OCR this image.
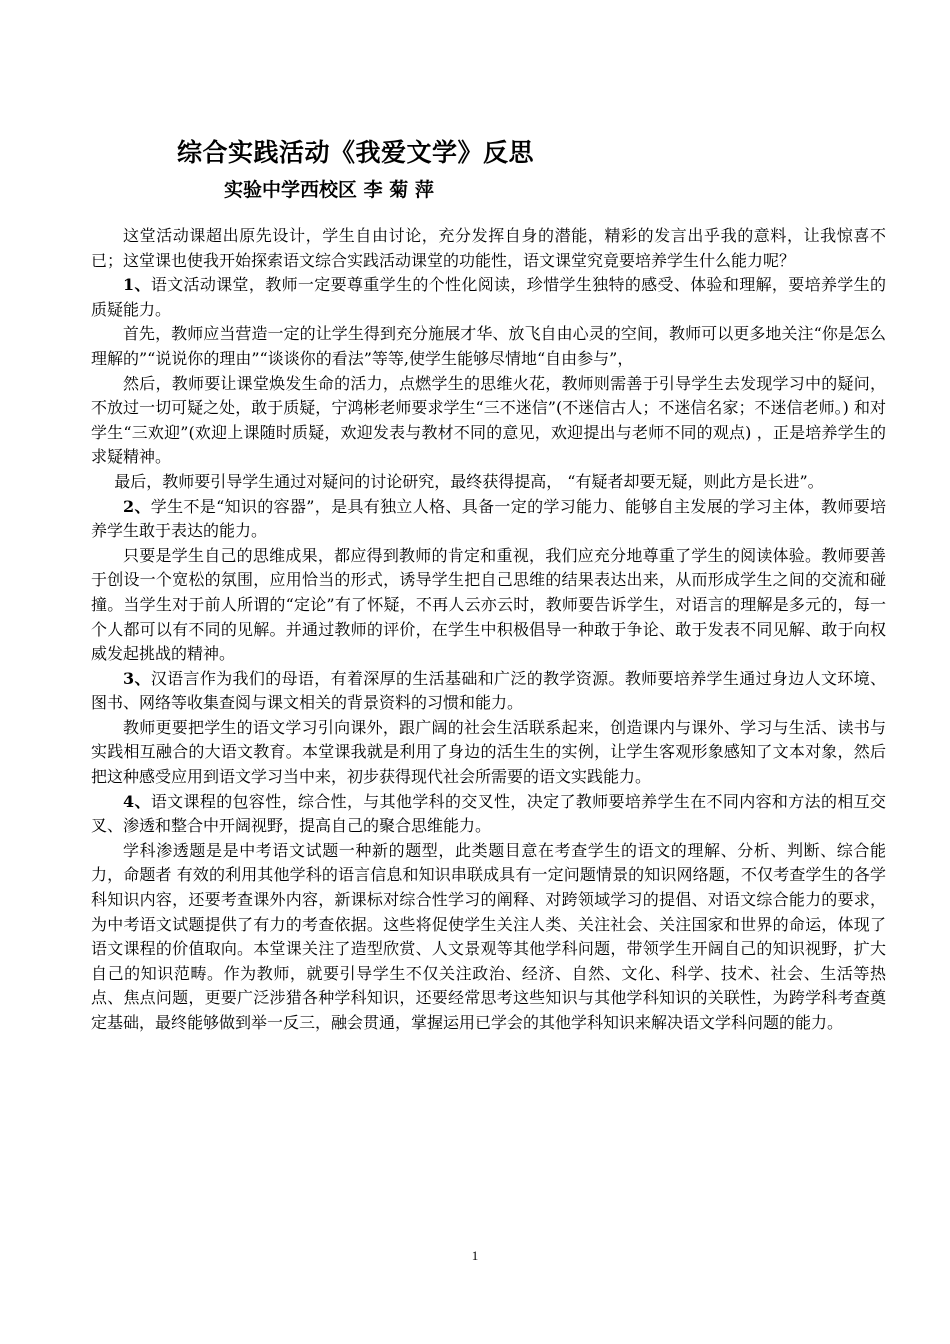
综合实践活动《我爱文学》反思
实验中学西校区 李 菊 萍

这堂活动课超出原先设计，学生自由讨论，充分发挥自身的潜能，精彩的发言出乎我的意料，让我惊喜不已；这堂课也使我开始探索语文综合实践活动课堂的功能性，语文课堂究竟要培养学生什么能力呢？

1、语文活动课堂，教师一定要尊重学生的个性化阅读，珍惜学生独特的感受、体验和理解，要培养学生的质疑能力。

首先，教师应当营造一定的让学生得到充分施展才华、放飞自由心灵的空间，教师可以更多地关注“你是怎么理解的”“说说你的理由”“谈谈你的看法”等等,使学生能够尽情地“自由参与”，

然后，教师要让课堂焕发生命的活力，点燃学生的思维火花，教师则需善于引导学生去发现学习中的疑问，不放过一切可疑之处，敢于质疑，宁鸿彬老师要求学生“三不迷信”(不迷信古人；不迷信名家；不迷信老师。) 和对学生“三欢迎”(欢迎上课随时质疑，欢迎发表与教材不同的意见，欢迎提出与老师不同的观点) ，正是培养学生的求疑精神。

最后，教师要引导学生通过对疑问的讨论研究，最终获得提高， “有疑者却要无疑，则此方是长进”。

2、学生不是“知识的容器”，是具有独立人格、具备一定的学习能力、能够自主发展的学习主体，教师要培养学生敢于表达的能力。

只要是学生自己的思维成果，都应得到教师的肯定和重视，我们应充分地尊重了学生的阅读体验。教师要善于创设一个宽松的氛围，应用恰当的形式，诱导学生把自己思维的结果表达出来，从而形成学生之间的交流和碰撞。当学生对于前人所谓的“定论”有了怀疑，不再人云亦云时，教师要告诉学生，对语言的理解是多元的，每一个人都可以有不同的见解。并通过教师的评价，在学生中积极倡导一种敢于争论、敢于发表不同见解、敢于向权威发起挑战的精神。

3、汉语言作为我们的母语，有着深厚的生活基础和广泛的教学资源。教师要培养学生通过身边人文环境、图书、网络等收集查阅与课文相关的背景资料的习惯和能力。

教师更要把学生的语文学习引向课外，跟广阔的社会生活联系起来，创造课内与课外、学习与生活、读书与实践相互融合的大语文教育。本堂课我就是利用了身边的活生生的实例，让学生客观形象感知了文本对象，然后把这种感受应用到语文学习当中来，初步获得现代社会所需要的语文实践能力。

4、语文课程的包容性，综合性，与其他学科的交叉性，决定了教师要培养学生在不同内容和方法的相互交叉、渗透和整合中开阔视野，提高自己的聚合思维能力。

学科渗透题是是中考语文试题一种新的题型，此类题目意在考查学生的语文的理解、分析、判断、综合能力，命题者 有效的利用其他学科的语言信息和知识串联成具有一定问题情景的知识网络题，不仅考查学生的各学科知识内容，还要考查课外内容，新课标对综合性学习的阐释、对跨领域学习的提倡、对语文综合能力的要求，为中考语文试题提供了有力的考查依据。这些将促使学生关注人类、关注社会、关注国家和世界的命运，体现了语文课程的价值取向。本堂课关注了造型欣赏、人文景观等其他学科问题，带领学生开阔自己的知识视野，扩大自己的知识范畴。作为教师，就要引导学生不仅关注政治、经济、自然、文化、科学、技术、社会、生活等热点、焦点问题，更要广泛涉猎各种学科知识，还要经常思考这些知识与其他学科知识的关联性，为跨学科考查奠定基础，最终能够做到举一反三，融会贯通，掌握运用已学会的其他学科知识来解决语文学科问题的能力。

1
